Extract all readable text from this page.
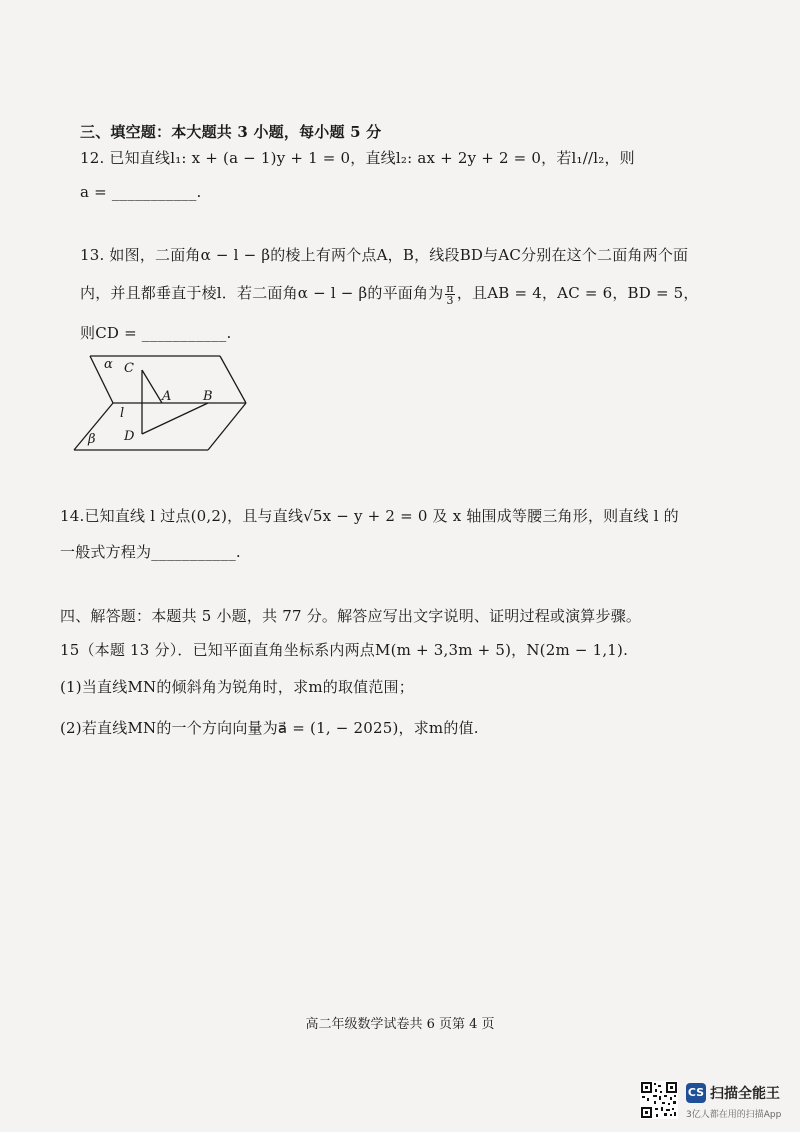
三、填空题：本大题共 3 小题，每小题 5 分
12. 已知直线l₁: x + (a − 1)y + 1 = 0，直线l₂: ax + 2y + 2 = 0，若l₁//l₂，则
a = ___________.
13. 如图，二面角α − l − β的棱上有两个点A，B，线段BD与AC分别在这个二面角两个面
内，并且都垂直于棱l．若二面角α − l − β的平面角为 $\frac{\pi}{3}$ ，且AB = 4，AC = 6，BD = 5，
则CD = ___________.
α C
A B
l
D
β
14.已知直线 l 过点(0,2)，且与直线√5x − y + 2 = 0 及 x 轴围成等腰三角形，则直线 l 的
一般式方程为___________.
四、解答题：本题共 5 小题，共 77 分。解答应写出文字说明、证明过程或演算步骤。
15（本题 13 分）．已知平面直角坐标系内两点M(m + 3,3m + 5)，N(2m − 1,1).
(1)当直线MN的倾斜角为锐角时，求m的取值范围；
(2)若直线MN的一个方向向量为a⃗ = (1, − 2025)，求m的值.
高二年级数学试卷共 6 页第 4 页
CS 扫描全能王
3亿人都在用的扫描App
